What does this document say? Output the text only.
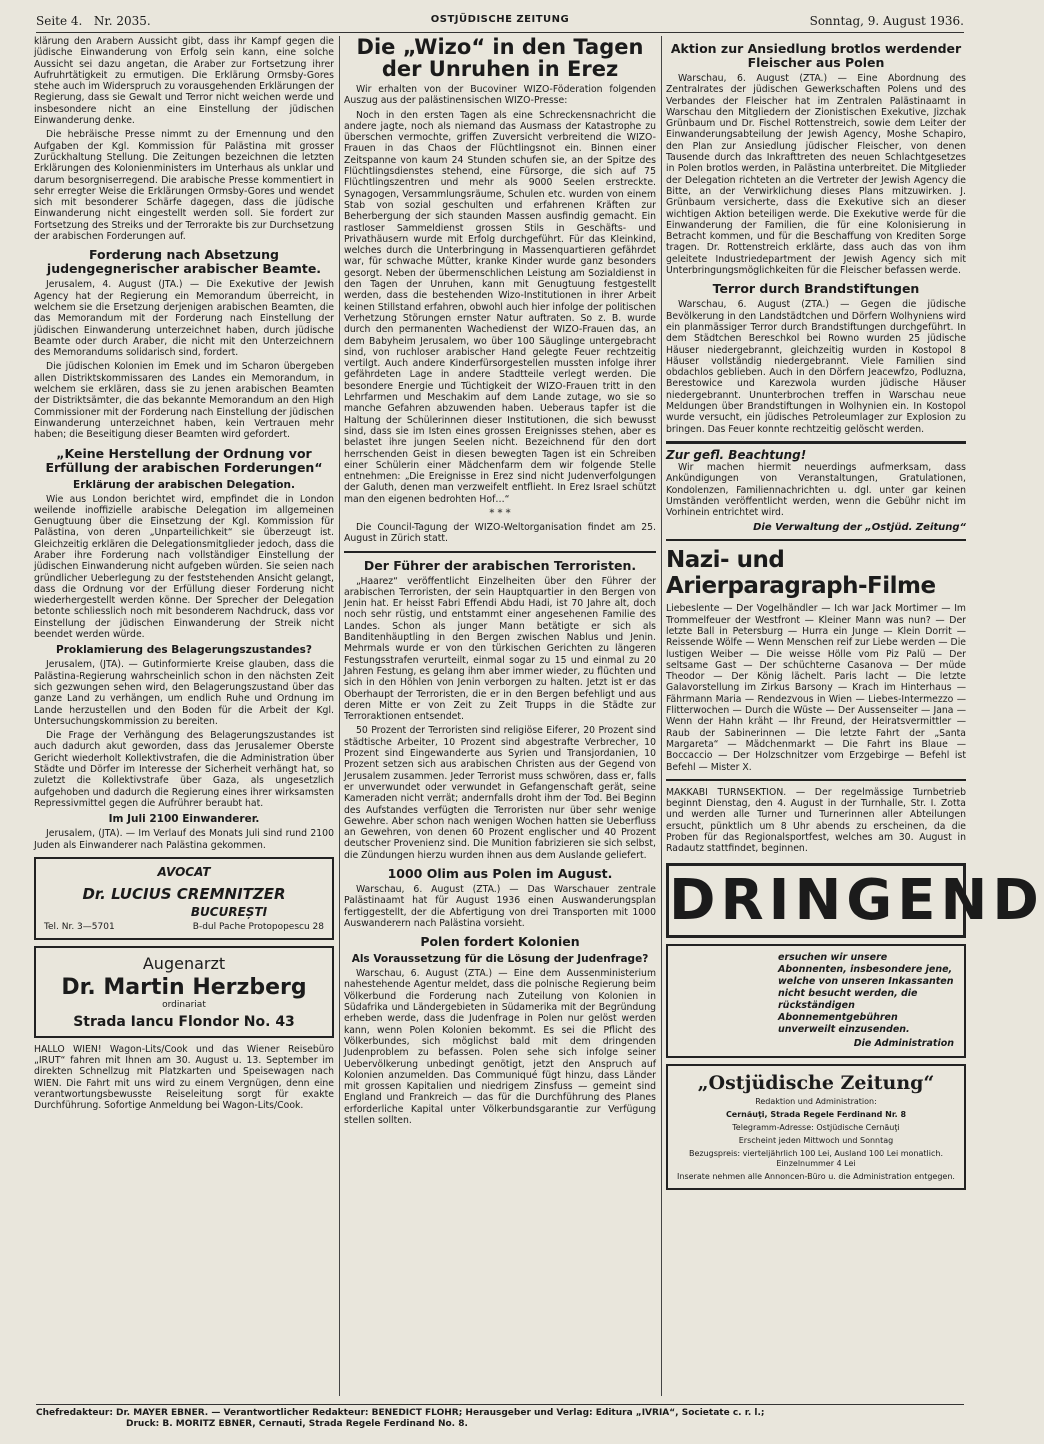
Seite 4. Nr. 2035.	OSTJÜDISCHE ZEITUNG	Sonntag, 9. August 1936.

klärung den Arabern Aussicht gibt, dass ihr Kampf gegen die jüdische Einwanderung von Erfolg sein kann, eine solche Aussicht sei dazu angetan, die Araber zur Fortsetzung ihrer Aufruhrtätigkeit zu ermutigen. Die Erklärung Ormsby-Gores stehe auch im Widerspruch zu vorausgehenden Erklärungen der Regierung, dass sie Gewalt und Terror nicht weichen werde und insbesondere nicht an eine Einstellung der jüdischen Einwanderung denke.

Die hebräische Presse nimmt zu der Ernennung und den Aufgaben der Kgl. Kommission für Palästina mit grosser Zurückhaltung Stellung. Die Zeitungen bezeichnen die letzten Erklärungen des Kolonienministers im Unterhaus als unklar und darum besorgniserregend. Die arabische Presse kommentiert in sehr erregter Weise die Erklärungen Ormsby-Gores und wendet sich mit besonderer Schärfe dagegen, dass die jüdische Einwanderung nicht eingestellt werden soll. Sie fordert zur Fortsetzung des Streiks und der Terrorakte bis zur Durchsetzung der arabischen Forderungen auf.

Forderung nach Absetzung judengegnerischer arabischer Beamte.

Jerusalem, 4. August (JTA.) — Die Exekutive der Jewish Agency hat der Regierung ein Memorandum überreicht, in welchem sie die Ersetzung derjenigen arabischen Beamten, die das Memorandum mit der Forderung nach Einstellung der jüdischen Einwanderung unterzeichnet haben, durch jüdische Beamte oder durch Araber, die nicht mit den Unterzeichnern des Memorandums solidarisch sind, fordert.

Die jüdischen Kolonien im Emek und im Scharon übergeben allen Distriktskommissaren des Landes ein Memorandum, in welchem sie erklären, dass sie zu jenen arabischen Beamten der Distriktsämter, die das bekannte Memorandum an den High Commissioner mit der Forderung nach Einstellung der jüdischen Einwanderung unterzeichnet haben, kein Vertrauen mehr haben; die Beseitigung dieser Beamten wird gefordert.

„Keine Herstellung der Ordnung vor Erfüllung der arabischen Forderungen“
Erklärung der arabischen Delegation.

Wie aus London berichtet wird, empfindet die in London weilende inoffizielle arabische Delegation im allgemeinen Genugtuung über die Einsetzung der Kgl. Kommission für Palästina, von deren „Unparteilichkeit“ sie überzeugt ist. Gleichzeitig erklären die Delegationsmitglieder jedoch, dass die Araber ihre Forderung nach vollständiger Einstellung der jüdischen Einwanderung nicht aufgeben würden. Sie seien nach gründlicher Ueberlegung zu der feststehenden Ansicht gelangt, dass die Ordnung vor der Erfüllung dieser Forderung nicht wiederhergestellt werden könne. Der Sprecher der Delegation betonte schliesslich noch mit besonderem Nachdruck, dass vor Einstellung der jüdischen Einwanderung der Streik nicht beendet werden würde.

Proklamierung des Belagerungszustandes?

Jerusalem, (JTA). — Gutinformierte Kreise glauben, dass die Palästina-Regierung wahrscheinlich schon in den nächsten Zeit sich gezwungen sehen wird, den Belagerungszustand über das ganze Land zu verhängen, um endlich Ruhe und Ordnung im Lande herzustellen und den Boden für die Arbeit der Kgl. Untersuchungskommission zu bereiten.

Die Frage der Verhängung des Belagerungszustandes ist auch dadurch akut geworden, dass das Jerusalemer Oberste Gericht wiederholt Kollektivstrafen, die die Administration über Städte und Dörfer im Interesse der Sicherheit verhängt hat, so zuletzt die Kollektivstrafe über Gaza, als ungesetzlich aufgehoben und dadurch die Regierung eines ihrer wirksamsten Repressivmittel gegen die Aufrührer beraubt hat.

Im Juli 2100 Einwanderer.

Jerusalem, (JTA). — Im Verlauf des Monats Juli sind rund 2100 Juden als Einwanderer nach Palästina gekommen.

AVOCAT
Dr. LUCIUS CREMNITZER
BUCUREȘTI
Tel. Nr. 3—5701	B-dul Pache Protopopescu 28
Augenarzt
Dr. Martin Herzberg
ordinariat
Strada Iancu Flondor No. 43

HALLO WIEN! Wagon-Lits/Cook und das Wiener Reisebüro „IRUT“ fahren mit Ihnen am 30. August u. 13. September im direkten Schnellzug mit Platzkarten und Speisewagen nach WIEN. Die Fahrt mit uns wird zu einem Vergnügen, denn eine verantwortungsbewusste Reiseleitung sorgt für exakte Durchführung. Sofortige Anmeldung bei Wagon-Lits/Cook.

Die „Wizo“ in den Tagen der Unruhen in Erez

Wir erhalten von der Bucoviner WIZO-Föderation folgenden Auszug aus der palästinensischen WIZO-Presse:

Noch in den ersten Tagen als eine Schreckensnachricht die andere jagte, noch als niemand das Ausmass der Katastrophe zu überschen vermochte, griffen Zuversicht verbreitend die WIZO-Frauen in das Chaos der Flüchtlingsnot ein. Binnen einer Zeitspanne von kaum 24 Stunden schufen sie, an der Spitze des Flüchtlingsdienstes stehend, eine Fürsorge, die sich auf 75 Flüchtlingszentren und mehr als 9000 Seelen erstreckte. Synagogen, Versammlungsräume, Schulen etc. wurden von einem Stab von sozial geschulten und erfahrenen Kräften zur Beherbergung der sich staunden Massen ausfindig gemacht. Ein rastloser Sammeldienst grossen Stils in Geschäfts- und Privathäusern wurde mit Erfolg durchgeführt. Für das Kleinkind, welches durch die Unterbringung in Massenquartieren gefährdet war, für schwache Mütter, kranke Kinder wurde ganz besonders gesorgt. Neben der übermenschlichen Leistung am Sozialdienst in den Tagen der Unruhen, kann mit Genugtuung festgestellt werden, dass die bestehenden Wizo-Institutionen in ihrer Arbeit keinen Stillstand erfahren, obwohl auch hier infolge der politischen Verhetzung Störungen ernster Natur auftraten. So z. B. wurde durch den permanenten Wachedienst der WIZO-Frauen das, an dem Babyheim Jerusalem, wo über 100 Säuglinge untergebracht sind, von ruchloser arabischer Hand gelegte Feuer rechtzeitig vertilgt. Auch andere Kinderfürsorgestellen mussten infolge ihrer gefährdeten Lage in andere Stadtteile verlegt werden. Die besondere Energie und Tüchtigkeit der WIZO-Frauen tritt in den Lehrfarmen und Meschakim auf dem Lande zutage, wo sie so manche Gefahren abzuwenden haben. Ueberaus tapfer ist die Haltung der Schülerinnen dieser Institutionen, die sich bewusst sind, dass sie im Isten eines grossen Ereignisses stehen, aber es belastet ihre jungen Seelen nicht. Bezeichnend für den dort herrschenden Geist in diesen bewegten Tagen ist ein Schreiben einer Schülerin einer Mädchenfarm dem wir folgende Stelle entnehmen: „Die Ereignisse in Erez sind nicht Judenverfolgungen der Galuth, denen man verzweifelt entflieht. In Erez Israel schützt man den eigenen bedrohten Hof…“

* * *

Die Council-Tagung der WIZO-Weltorganisation findet am 25. August in Zürich statt.

Der Führer der arabischen Terroristen.

„Haarez“ veröffentlicht Einzelheiten über den Führer der arabischen Terroristen, der sein Hauptquartier in den Bergen von Jenin hat. Er heisst Fabri Effendi Abdu Hadi, ist 70 Jahre alt, doch noch sehr rüstig, und entstammt einer angesehenen Familie des Landes. Schon als junger Mann betätigte er sich als Banditenhäuptling in den Bergen zwischen Nablus und Jenin. Mehrmals wurde er von den türkischen Gerichten zu längeren Festungsstrafen verurteilt, einmal sogar zu 15 und einmal zu 20 Jahren Festung, es gelang ihm aber immer wieder, zu flüchten und sich in den Höhlen von Jenin verborgen zu halten. Jetzt ist er das Oberhaupt der Terroristen, die er in den Bergen befehligt und aus deren Mitte er von Zeit zu Zeit Trupps in die Städte zur Terroraktionen entsendet.

50 Prozent der Terroristen sind religiöse Eiferer, 20 Prozent sind städtische Arbeiter, 10 Prozent sind abgestrafte Verbrecher, 10 Prozent sind Eingewanderte aus Syrien und Transjordanien, 10 Prozent setzen sich aus arabischen Christen aus der Gegend von Jerusalem zusammen. Jeder Terrorist muss schwören, dass er, falls er unverwundet oder verwundet in Gefangenschaft gerät, seine Kameraden nicht verrät; andernfalls droht ihm der Tod. Bei Beginn des Aufstandes verfügten die Terroristen nur über sehr wenige Gewehre. Aber schon nach wenigen Wochen hatten sie Ueberfluss an Gewehren, von denen 60 Prozent englischer und 40 Prozent deutscher Provenienz sind. Die Munition fabrizieren sie sich selbst, die Zündungen hierzu wurden ihnen aus dem Auslande geliefert.

1000 Olim aus Polen im August.

Warschau, 6. August (ZTA.) — Das Warschauer zentrale Palästinaamt hat für August 1936 einen Auswanderungsplan fertiggestellt, der die Abfertigung von drei Transporten mit 1000 Auswanderern nach Palästina vorsieht.

Polen fordert Kolonien
Als Voraussetzung für die Lösung der Judenfrage?

Warschau, 6. August (ZTA.) — Eine dem Aussenministerium nahestehende Agentur meldet, dass die polnische Regierung beim Völkerbund die Forderung nach Zuteilung von Kolonien in Südafrika und Ländergebieten in Südamerika mit der Begründung erheben werde, dass die Judenfrage in Polen nur gelöst werden kann, wenn Polen Kolonien bekommt. Es sei die Pflicht des Völkerbundes, sich möglichst bald mit dem dringenden Judenproblem zu befassen. Polen sehe sich infolge seiner Uebervölkerung unbedingt genötigt, jetzt den Anspruch auf Kolonien anzumelden. Das Communiqué fügt hinzu, dass Länder mit grossen Kapitalien und niedrigem Zinsfuss — gemeint sind England und Frankreich — das für die Durchführung des Planes erforderliche Kapital unter Völkerbundsgarantie zur Verfügung stellen sollten.

Aktion zur Ansiedlung brotlos werdender Fleischer aus Polen

Warschau, 6. August (ZTA.) — Eine Abordnung des Zentralrates der jüdischen Gewerkschaften Polens und des Verbandes der Fleischer hat im Zentralen Palästinaamt in Warschau den Mitgliedern der Zionistischen Exekutive, Jizchak Grünbaum und Dr. Fischel Rottenstreich, sowie dem Leiter der Einwanderungsabteilung der Jewish Agency, Moshe Schapiro, den Plan zur Ansiedlung jüdischer Fleischer, von denen Tausende durch das Inkrafttreten des neuen Schlachtgesetzes in Polen brotlos werden, in Palästina unterbreitet. Die Mitglieder der Delegation richteten an die Vertreter der Jewish Agency die Bitte, an der Verwirklichung dieses Plans mitzuwirken. J. Grünbaum versicherte, dass die Exekutive sich an dieser wichtigen Aktion beteiligen werde. Die Exekutive werde für die Einwanderung der Familien, die für eine Kolonisierung in Betracht kommen, und für die Beschaffung von Krediten Sorge tragen. Dr. Rottenstreich erklärte, dass auch das von ihm geleitete Industriedepartment der Jewish Agency sich mit Unterbringungsmöglichkeiten für die Fleischer befassen werde.

Terror durch Brandstiftungen

Warschau, 6. August (ZTA.) — Gegen die jüdische Bevölkerung in den Landstädtchen und Dörfern Wolhyniens wird ein planmässiger Terror durch Brandstiftungen durchgeführt. In dem Städtchen Bereschkol bei Rowno wurden 25 jüdische Häuser niedergebrannt, gleichzeitig wurden in Kostopol 8 Häuser vollständig niedergebrannt. Viele Familien sind obdachlos geblieben. Auch in den Dörfern Jeacewfzo, Podluzna, Berestowice und Karezwola wurden jüdische Häuser niedergebrannt. Ununterbrochen treffen in Warschau neue Meldungen über Brandstiftungen in Wolhynien ein. In Kostopol wurde versucht, ein jüdisches Petroleumlager zur Explosion zu bringen. Das Feuer konnte rechtzeitig gelöscht werden.

Zur gefl. Beachtung!

Wir machen hiermit neuerdings aufmerksam, dass Ankündigungen von Veranstaltungen, Gratulationen, Kondolenzen, Familiennachrichten u. dgl. unter gar keinen Umständen veröffentlicht werden, wenn die Gebühr nicht im Vorhinein entrichtet wird.

Die Verwaltung der „Ostjüd. Zeitung“
Nazi- und Arierparagraph-Filme

Liebeslente — Der Vogelhändler — Ich war Jack Mortimer — Im Trommelfeuer der Westfront — Kleiner Mann was nun? — Der letzte Ball in Petersburg — Hurra ein Junge — Klein Dorrit — Reissende Wölfe — Wenn Menschen reif zur Liebe werden — Die lustigen Weiber — Die weisse Hölle vom Piz Palü — Der seltsame Gast — Der schüchterne Casanova — Der müde Theodor — Der König lächelt. Paris lacht — Die letzte Galavorstellung im Zirkus Barsony — Krach im Hinterhaus — Fährmann Maria — Rendezvous in Wien — Liebes-Intermezzo — Flitterwochen — Durch die Wüste — Der Aussenseiter — Jana — Wenn der Hahn kräht — Ihr Freund, der Heiratsvermittler — Raub der Sabinerinnen — Die letzte Fahrt der „Santa Margareta“ — Mädchenmarkt — Die Fahrt ins Blaue — Boccaccio — Der Holzschnitzer vom Erzgebirge — Befehl ist Befehl — Mister X.

MAKKABI TURNSEKTION. — Der regelmässige Turnbetrieb beginnt Dienstag, den 4. August in der Turnhalle, Str. I. Zotta und werden alle Turner und Turnerinnen aller Abteilungen ersucht, pünktlich um 8 Uhr abends zu erscheinen, da die Proben für das Regionalsportfest, welches am 30. August in Radautz stattfindet, beginnen.

DRINGEND
ersuchen wir unsere Abonnenten, insbesondere jene, welche von unseren Inkassanten nicht besucht werden, die rückständigen Abonnementgebühren unverweilt einzusenden.
Die Administration
„Ostjüdische Zeitung“
Redaktion und Administration:
Cernăuţi, Strada Regele Ferdinand Nr. 8
Telegramm-Adresse: Ostjüdische Cernăuţi
Erscheint jeden Mittwoch und Sonntag
Bezugspreis: vierteljährlich 100 Lei, Ausland 100 Lei monatlich. Einzelnummer 4 Lei
Inserate nehmen alle Annoncen-Büro u. die Administration entgegen.
Chefredakteur: Dr. MAYER EBNER. — Verantwortlicher Redakteur: BENEDICT FLOHR; Herausgeber und Verlag: Editura „IVRIA“, Societate c. r. l.;
Druck: B. MORITZ EBNER, Cernauti, Strada Regele Ferdinand No. 8.
